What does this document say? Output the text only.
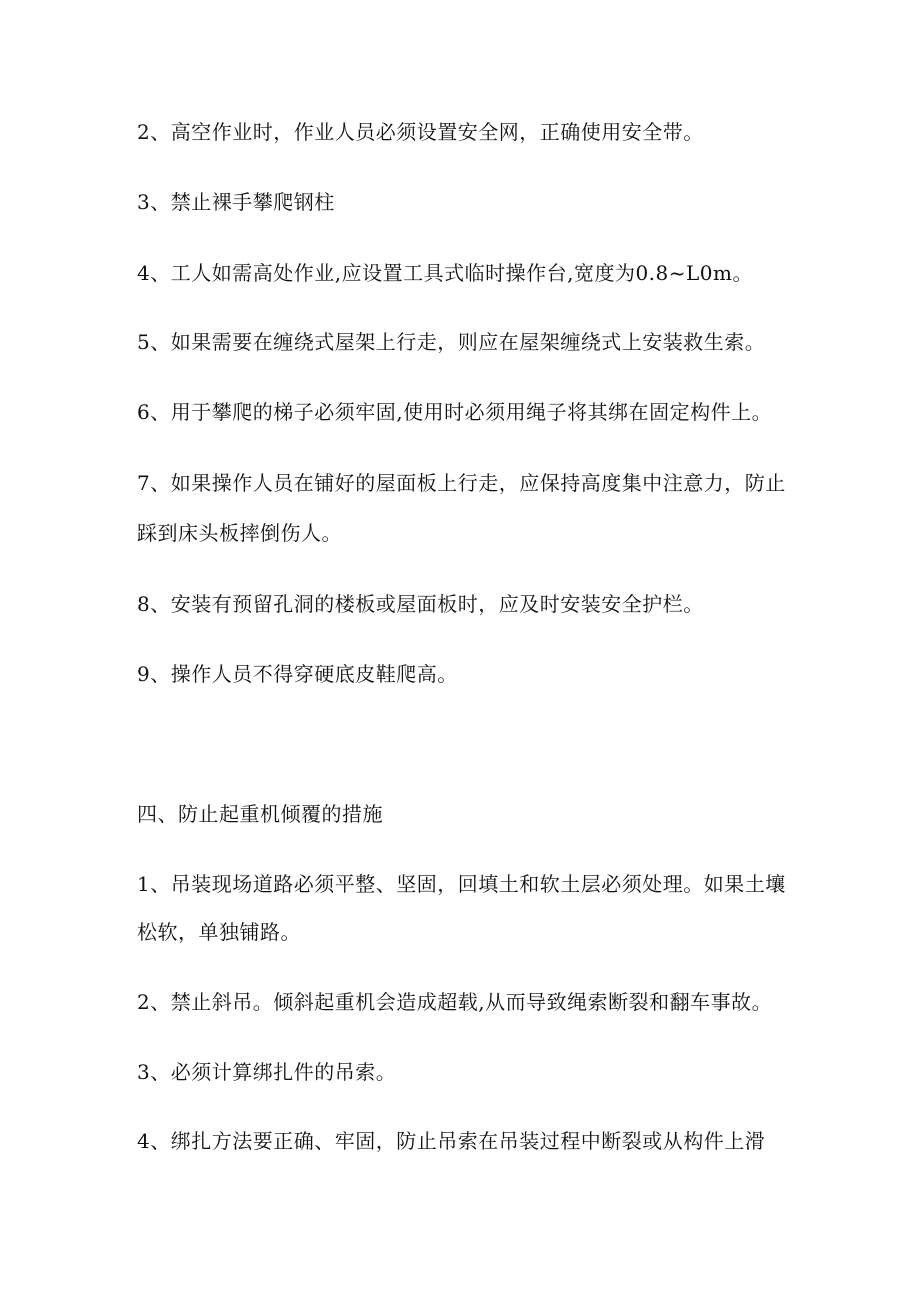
2、高空作业时，作业人员必须设置安全网，正确使用安全带。
3、禁止裸手攀爬钢柱
4、工人如需高处作业,应设置工具式临时操作台,宽度为0.8~L0m。
5、如果需要在缠绕式屋架上行走，则应在屋架缠绕式上安装救生索。
6、用于攀爬的梯子必须牢固,使用时必须用绳子将其绑在固定构件上。
7、如果操作人员在铺好的屋面板上行走，应保持高度集中注意力，防止
踩到床头板摔倒伤人。
8、安装有预留孔洞的楼板或屋面板时，应及时安装安全护栏。
9、操作人员不得穿硬底皮鞋爬高。
四、防止起重机倾覆的措施
1、吊装现场道路必须平整、坚固，回填土和软土层必须处理。如果土壤
松软，单独铺路。
2、禁止斜吊。倾斜起重机会造成超载,从而导致绳索断裂和翻车事故。
3、必须计算绑扎件的吊索。
4、绑扎方法要正确、牢固，防止吊索在吊装过程中断裂或从构件上滑
